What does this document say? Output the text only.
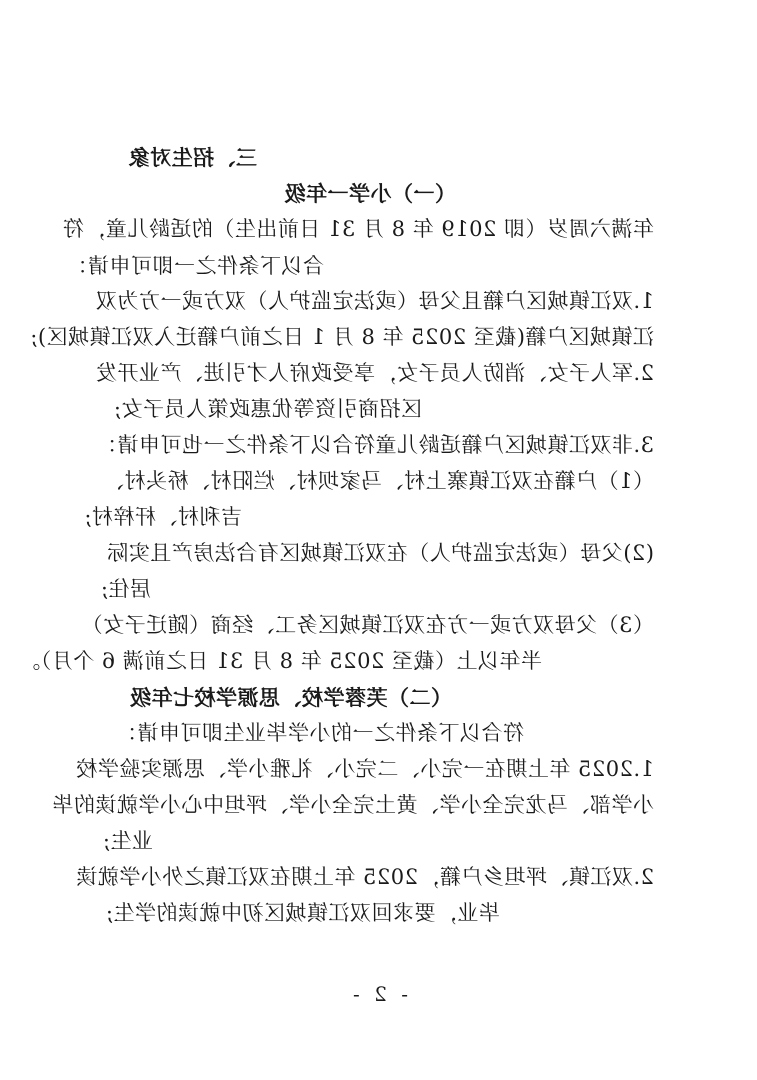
三、招生对象
（一）小学一年级
年满六周岁（即 2019 年 8 月 31 日前出生）的适龄儿童，符
合以下条件之一即可申请：
1.双江镇城区户籍且父母（或法定监护人）双方或一方为双
江镇城区户籍(截至 2025 年 8 月 1 日之前户籍迁入双江镇城区);
2.军人子女、消防人员子女，享受政府人才引进、产业开发
区招商引资等优惠政策人员子女;
3.非双江镇城区户籍适龄儿童符合以下条件之一也可申请：
（1）户籍在双江镇寨上村、马家坝村、烂阳村、桥头村、
吉利村、杆梓村;
(2)父母（或法定监护人）在双江镇城区有合法房产且实际
居住;
（3）父母双方或一方在双江镇城区务工、经商（随迁子女）
半年以上（截至 2025 年 8 月 31 日之前满 6 个月）。
（二）芙蓉学校、思源学校七年级
符合以下条件之一的小学毕业生即可申请：
1.2025 年上期在一完小、二完小、礼雅小学、思源实验学校
小学部、马龙完全小学、黄土完全小学、坪坦中心小学就读的毕
业生;
2.双江镇、坪坦乡户籍，2025 年上期在双江镇之外小学就读
毕业，要求回双江镇城区初中就读的学生;
- 2 -
